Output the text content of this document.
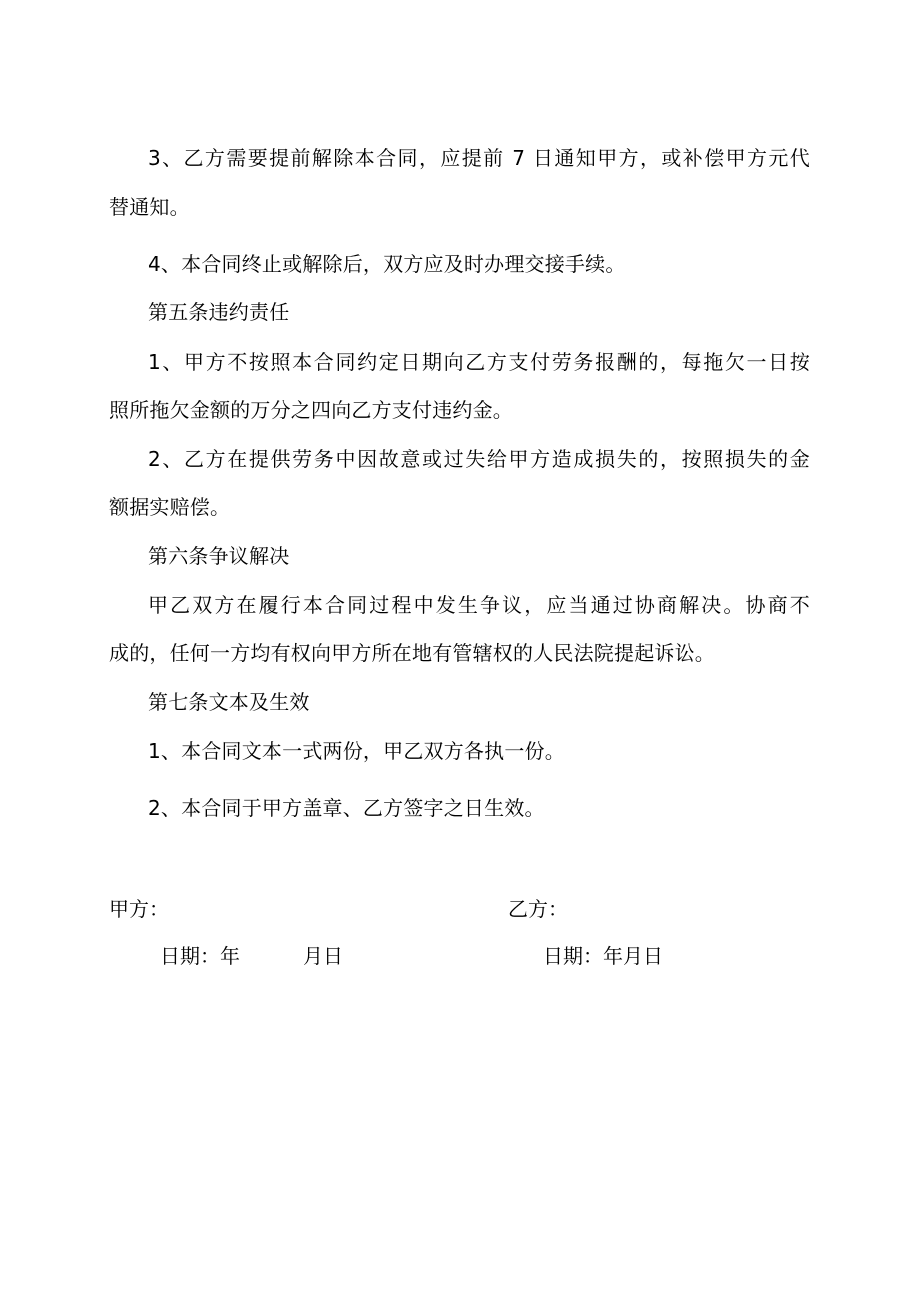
3、乙方需要提前解除本合同，应提前 7 日通知甲方，或补偿甲方元代
替通知。
4、本合同终止或解除后，双方应及时办理交接手续。
第五条违约责任
1、甲方不按照本合同约定日期向乙方支付劳务报酬的，每拖欠一日按
照所拖欠金额的万分之四向乙方支付违约金。
2、乙方在提供劳务中因故意或过失给甲方造成损失的，按照损失的金
额据实赔偿。
第六条争议解决
甲乙双方在履行本合同过程中发生争议，应当通过协商解决。协商不
成的，任何一方均有权向甲方所在地有管辖权的人民法院提起诉讼。
第七条文本及生效
1、本合同文本一式两份，甲乙双方各执一份。
2、本合同于甲方盖章、乙方签字之日生效。
甲方：	乙方：
日期：年	月日	日期：年月日
